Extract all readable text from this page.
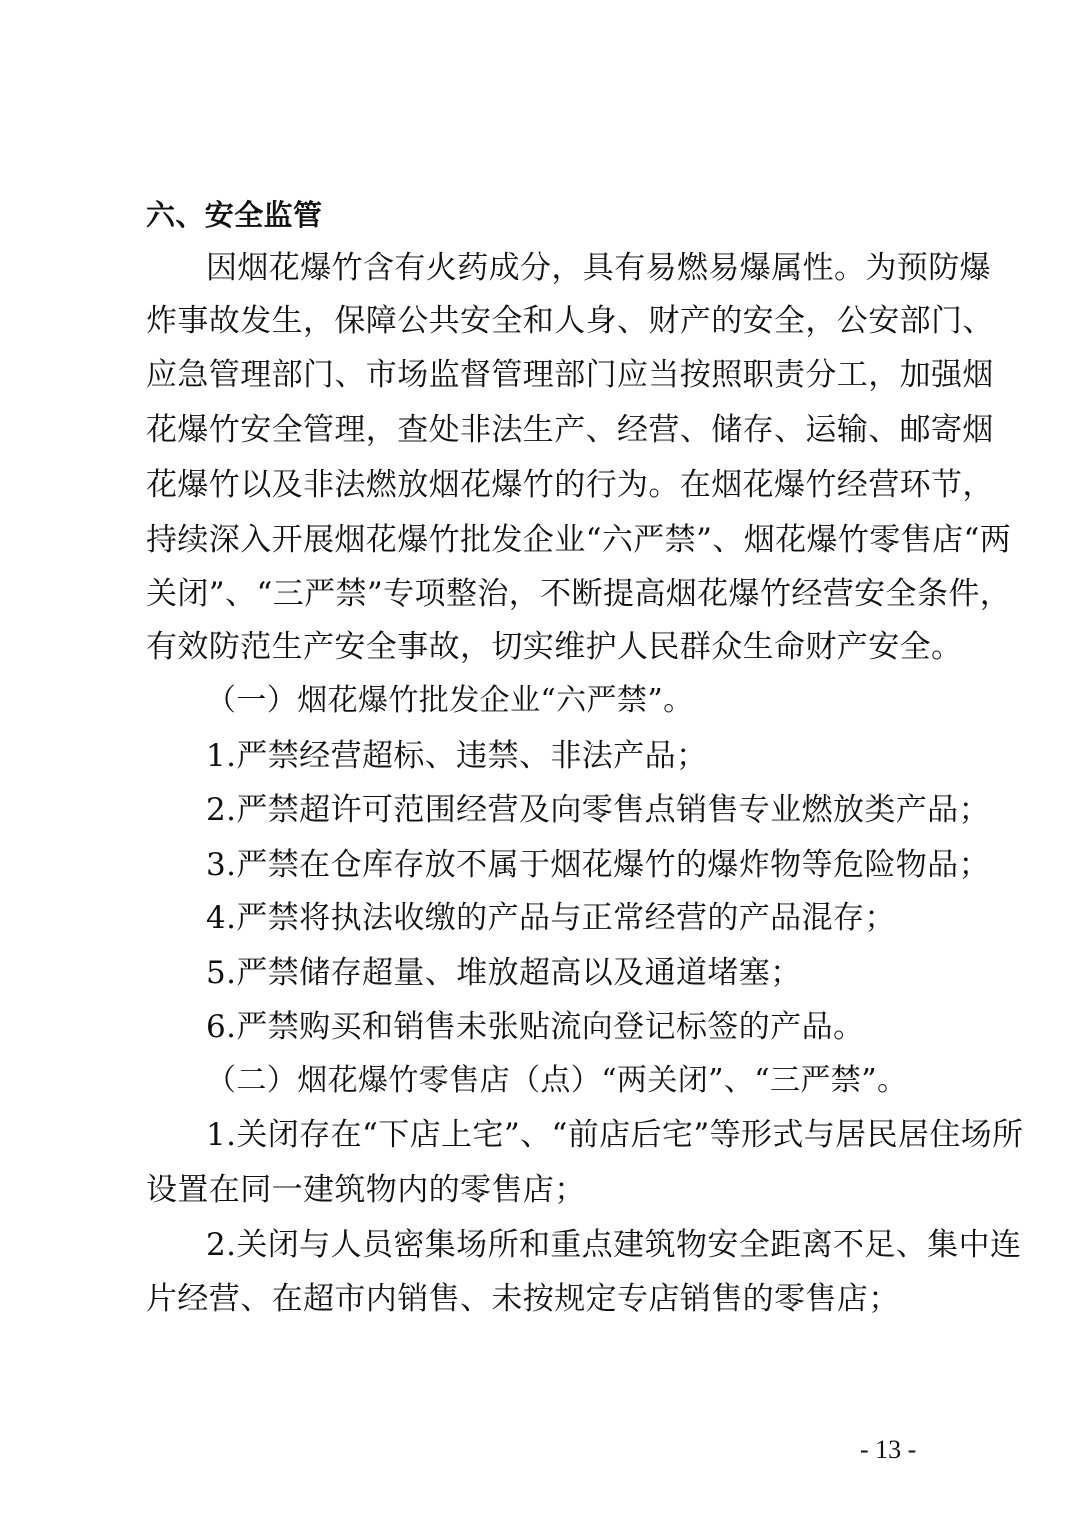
六、安全监管
因烟花爆竹含有火药成分，具有易燃易爆属性。为预防爆
炸事故发生，保障公共安全和人身、财产的安全，公安部门、
应急管理部门、市场监督管理部门应当按照职责分工，加强烟
花爆竹安全管理，查处非法生产、经营、储存、运输、邮寄烟
花爆竹以及非法燃放烟花爆竹的行为。在烟花爆竹经营环节，
持续深入开展烟花爆竹批发企业“六严禁”、烟花爆竹零售店“两
关闭”、“三严禁”专项整治，不断提高烟花爆竹经营安全条件，
有效防范生产安全事故，切实维护人民群众生命财产安全。
（一）烟花爆竹批发企业“六严禁”。
1.严禁经营超标、违禁、非法产品；
2.严禁超许可范围经营及向零售点销售专业燃放类产品；
3.严禁在仓库存放不属于烟花爆竹的爆炸物等危险物品；
4.严禁将执法收缴的产品与正常经营的产品混存；
5.严禁储存超量、堆放超高以及通道堵塞；
6.严禁购买和销售未张贴流向登记标签的产品。
（二）烟花爆竹零售店（点）“两关闭”、“三严禁”。
1.关闭存在“下店上宅”、“前店后宅”等形式与居民居住场所
设置在同一建筑物内的零售店；
2.关闭与人员密集场所和重点建筑物安全距离不足、集中连
片经营、在超市内销售、未按规定专店销售的零售店；
- 13 -
